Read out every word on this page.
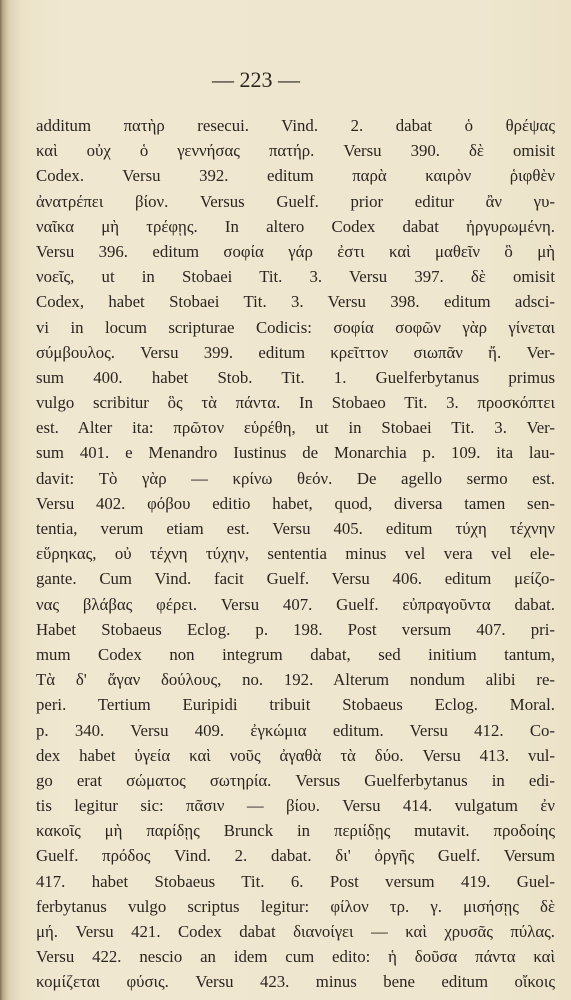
— 223 —
additum πατὴρ resecui. Vind. 2. dabat ὁ θρέψας
καὶ οὐχ ὁ γεννήσας πατήρ. Versu 390. δὲ omisit
Codex. Versu 392. editum παρὰ καιρὸν ῥιφθὲν
ἀνατρέπει βίον. Versus Guelf. prior editur ἂν γυ-
ναῖκα μὴ τρέφῃς. In altero Codex dabat ἠργυρωμένη.
Versu 396. editum σοφία γάρ ἐστι καὶ μαθεῖν ὃ μὴ
νοεῖς, ut in Stobaei Tit. 3. Versu 397. δὲ omisit
Codex, habet Stobaei Tit. 3. Versu 398. editum adsci-
vi in locum scripturae Codicis: σοφία σοφῶν γὰρ γίνεται
σύμβουλος. Versu 399. editum κρεῖττον σιωπᾶν ἤ. Ver-
sum 400. habet Stob. Tit. 1. Guelferbytanus primus
vulgo scribitur ὃς τὰ πάντα. In Stobaeo Tit. 3. προσκόπτει
est. Alter ita: πρῶτον εὑρέθη, ut in Stobaei Tit. 3. Ver-
sum 401. e Menandro Iustinus de Monarchia p. 109. ita lau-
davit: Τὸ γὰρ — κρίνω θεόν. De agello sermo est.
Versu 402. φόβου editio habet, quod, diversa tamen sen-
tentia, verum etiam est. Versu 405. editum τύχη τέχνην
εὕρηκας, οὐ τέχνη τύχην, sententia minus vel vera vel ele-
gante. Cum Vind. facit Guelf. Versu 406. editum μείζο-
νας βλάβας φέρει. Versu 407. Guelf. εὐπραγοῦντα dabat.
Habet Stobaeus Eclog. p. 198. Post versum 407. pri-
mum Codex non integrum dabat, sed initium tantum,
Τὰ δ' ἄγαν δούλους, no. 192. Alterum nondum alibi re-
peri. Tertium Euripidi tribuit Stobaeus Eclog. Moral.
p. 340. Versu 409. ἐγκώμια editum. Versu 412. Co-
dex habet ὑγεία καὶ νοῦς ἀγαθὰ τὰ δύο. Versu 413. vul-
go erat σώματος σωτηρία. Versus Guelferbytanus in edi-
tis legitur sic: πᾶσιν — βίου. Versu 414. vulgatum ἐν
κακοῖς μὴ παρίδῃς Brunck in περιίδῃς mutavit. προδοίης
Guelf. πρόδος Vind. 2. dabat. δι' ὀργῆς Guelf. Versum
417. habet Stobaeus Tit. 6. Post versum 419. Guel-
ferbytanus vulgo scriptus legitur: φίλον τρ. γ. μισήσῃς δὲ
μή. Versu 421. Codex dabat διανοίγει — καὶ χρυσᾶς πύλας.
Versu 422. nescio an idem cum edito: ἡ δοῦσα πάντα καὶ
κομίζεται φύσις. Versu 423. minus bene editum οἴκοις
